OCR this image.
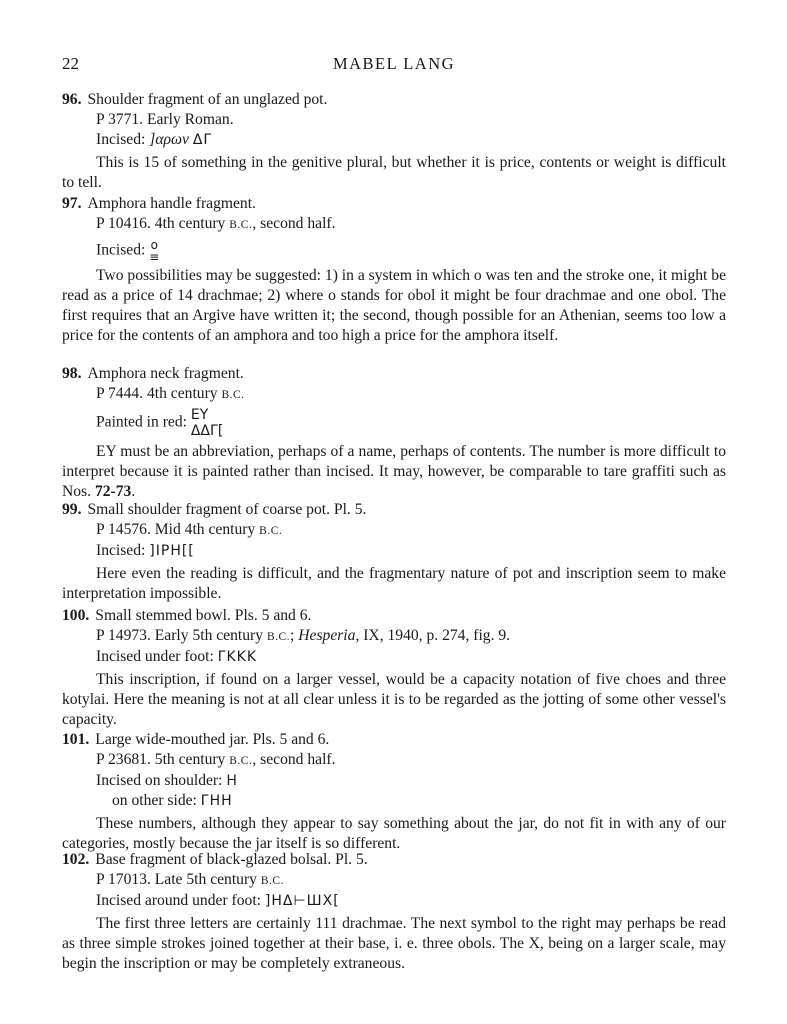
22	MABEL LANG

96. Shoulder fragment of an unglazed pot.

P 3771. Early Roman.

Incised: ]αρων ΔΓ

This is 15 of something in the genitive plural, but whether it is price, contents or weight is difficult to tell.

97. Amphora handle fragment.

P 10416. 4th century B.C., second half.

Incised: o
≡

Two possibilities may be suggested: 1) in a system in which o was ten and the stroke one, it might be read as a price of 14 drachmae; 2) where o stands for obol it might be four drachmae and one obol. The first requires that an Argive have written it; the second, though possible for an Athenian, seems too low a price for the contents of an amphora and too high a price for the amphora itself.

98. Amphora neck fragment.

P 7444. 4th century B.C.

Painted in red: EY
ΔΔΓ[

EY must be an abbreviation, perhaps of a name, perhaps of contents. The number is more difficult to interpret because it is painted rather than incised. It may, however, be comparable to tare graffiti such as Nos. 72-73.

99. Small shoulder fragment of coarse pot. Pl. 5.

P 14576. Mid 4th century B.C.

Incised: ]ΙΡΗ[[

Here even the reading is difficult, and the fragmentary nature of pot and inscription seem to make interpretation impossible.

100. Small stemmed bowl. Pls. 5 and 6.

P 14973. Early 5th century B.C.; Hesperia, IX, 1940, p. 274, fig. 9.

Incised under foot: ΓΚΚΚ

This inscription, if found on a larger vessel, would be a capacity notation of five choes and three kotylai. Here the meaning is not at all clear unless it is to be regarded as the jotting of some other vessel's capacity.

101. Large wide-mouthed jar. Pls. 5 and 6.

P 23681. 5th century B.C., second half.

Incised on shoulder: H

on other side: ΓHH

These numbers, although they appear to say something about the jar, do not fit in with any of our categories, mostly because the jar itself is so different.

102. Base fragment of black-glazed bolsal. Pl. 5.

P 17013. Late 5th century B.C.

Incised around under foot: ]HΔ⊢ШX[

The first three letters are certainly 111 drachmae. The next symbol to the right may perhaps be read as three simple strokes joined together at their base, i. e. three obols. The X, being on a larger scale, may begin the inscription or may be completely extraneous.
